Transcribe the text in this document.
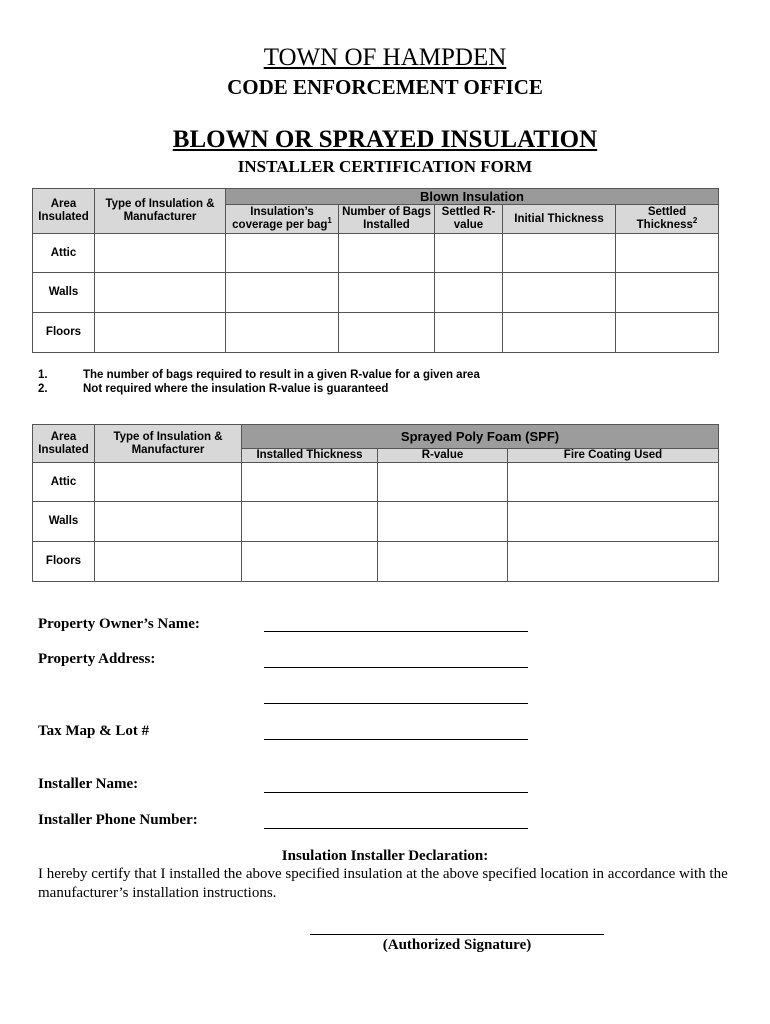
TOWN OF HAMPDEN
CODE ENFORCEMENT OFFICE
BLOWN OR SPRAYED INSULATION
INSTALLER CERTIFICATION FORM
Area Insulated	Type of Insulation & Manufacturer	Blown Insulation				
		Insulation’s coverage per bag$^1$	Number of Bags Installed	Settled R-value	Initial Thickness	Settled Thickness$^2$
Attic						
Walls						
Floors						
1.	The number of bags required to result in a given R-value for a given area
2.	Not required where the insulation R-value is guaranteed
Area Insulated	Type of Insulation & Manufacturer	Sprayed Poly Foam (SPF)		
		Installed Thickness	R-value	Fire Coating Used
Attic				
Walls				
Floors				
Property Owner’s Name:
Property Address:
Tax Map & Lot #
Installer Name:
Installer Phone Number:
Insulation Installer Declaration:
I hereby certify that I installed the above specified insulation at the above specified location in accordance with the manufacturer’s installation instructions.
(Authorized Signature)
